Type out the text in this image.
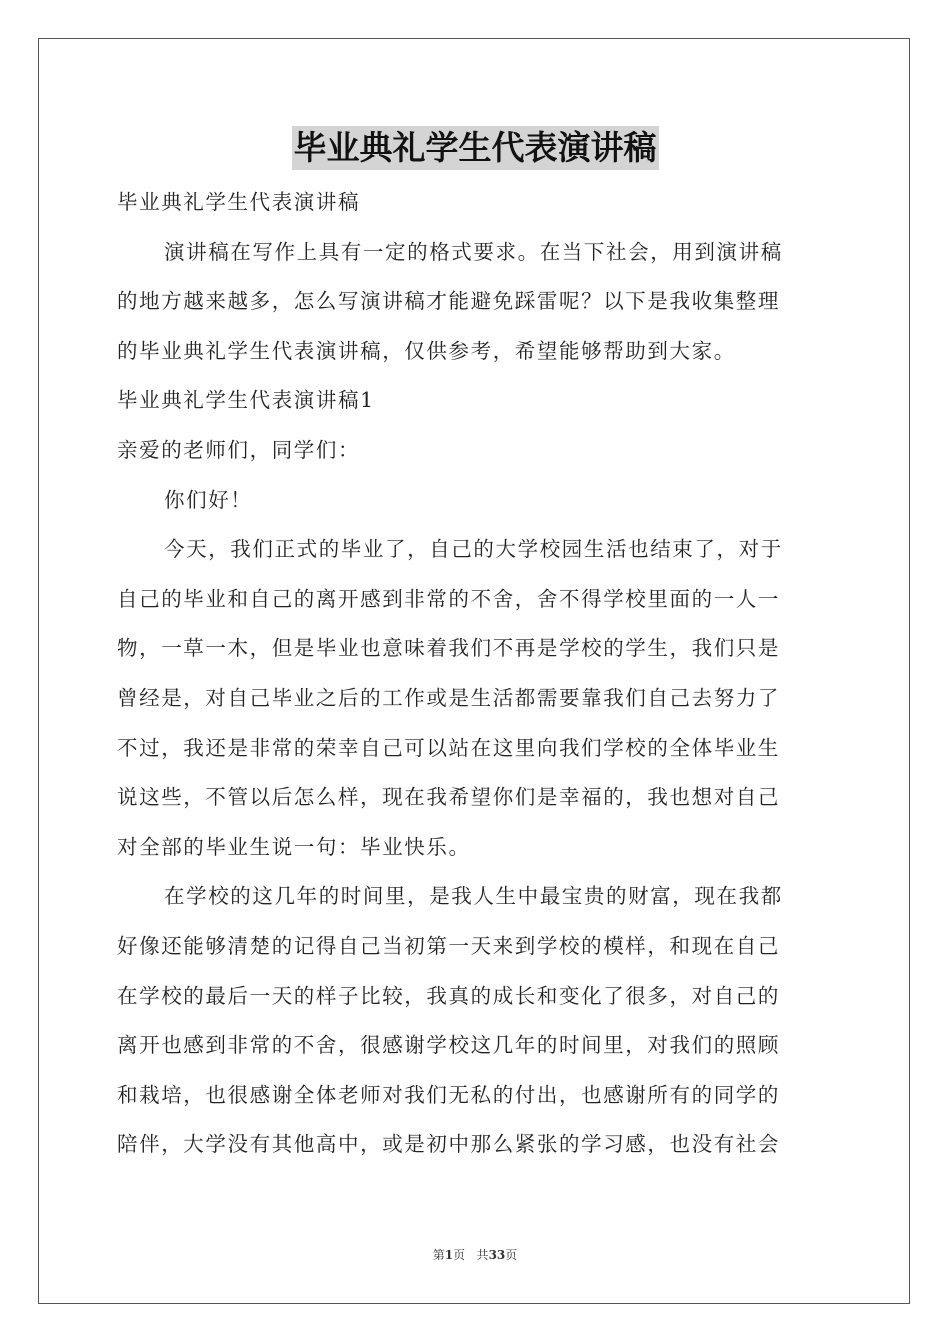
毕业典礼学生代表演讲稿
毕业典礼学生代表演讲稿
演讲稿在写作上具有一定的格式要求。在当下社会，用到演讲稿
的地方越来越多，怎么写演讲稿才能避免踩雷呢？以下是我收集整理
的毕业典礼学生代表演讲稿，仅供参考，希望能够帮助到大家。
毕业典礼学生代表演讲稿1
亲爱的老师们，同学们：
你们好！
今天，我们正式的毕业了，自己的大学校园生活也结束了，对于
自己的毕业和自己的离开感到非常的不舍，舍不得学校里面的一人一
物，一草一木，但是毕业也意味着我们不再是学校的学生，我们只是
曾经是，对自己毕业之后的工作或是生活都需要靠我们自己去努力了
不过，我还是非常的荣幸自己可以站在这里向我们学校的全体毕业生
说这些，不管以后怎么样，现在我希望你们是幸福的，我也想对自己
对全部的毕业生说一句：毕业快乐。
在学校的这几年的时间里，是我人生中最宝贵的财富，现在我都
好像还能够清楚的记得自己当初第一天来到学校的模样，和现在自己
在学校的最后一天的样子比较，我真的成长和变化了很多，对自己的
离开也感到非常的不舍，很感谢学校这几年的时间里，对我们的照顾
和栽培，也很感谢全体老师对我们无私的付出，也感谢所有的同学的
陪伴，大学没有其他高中，或是初中那么紧张的学习感，也没有社会
第1页 共33页
